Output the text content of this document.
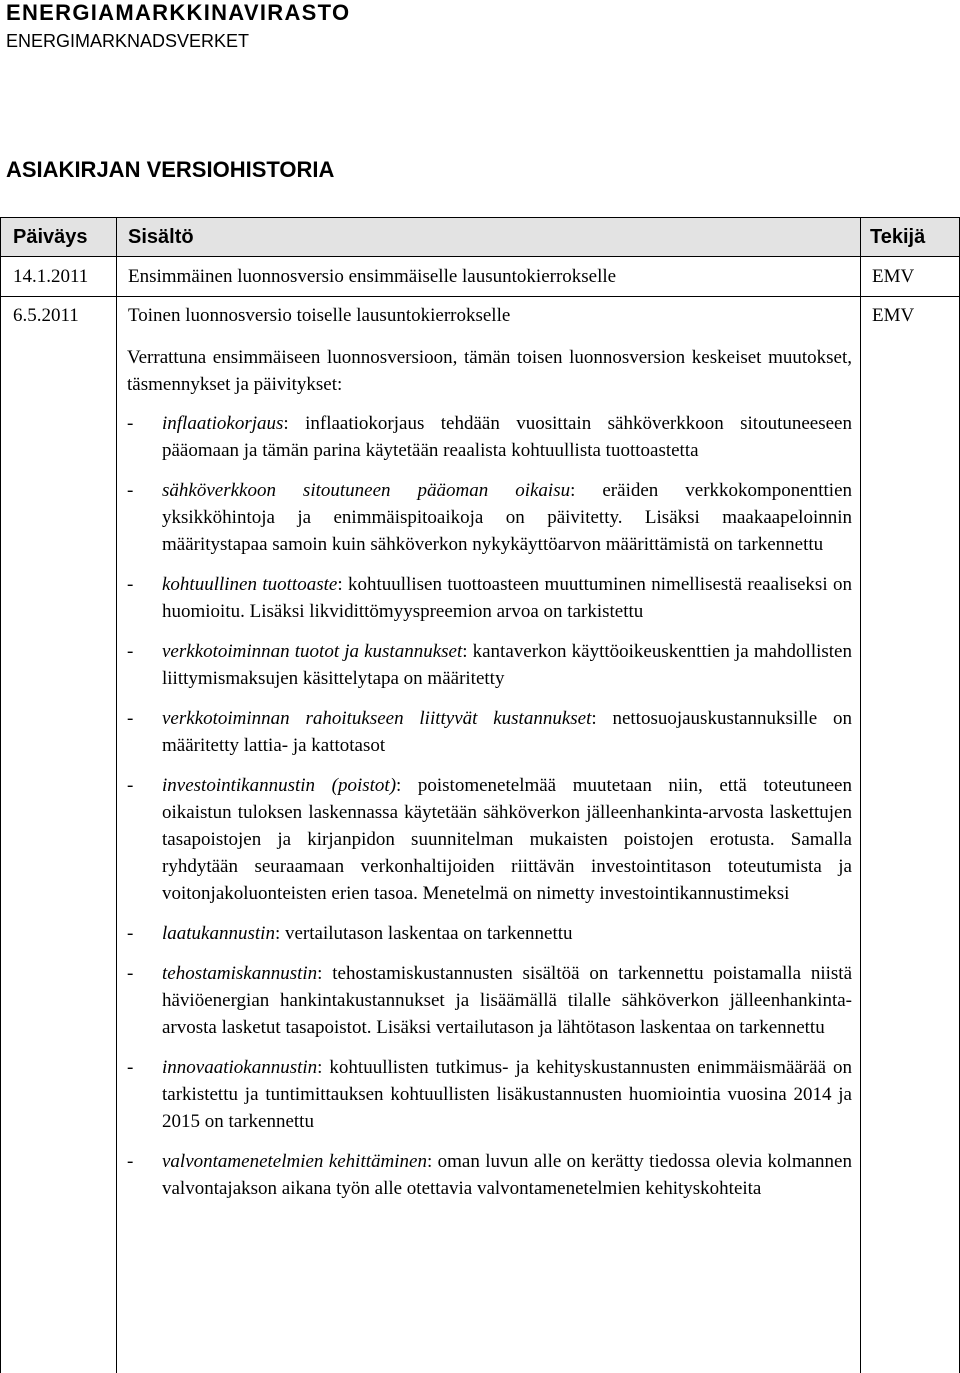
ENERGIAMARKKINAVIRASTO
ENERGIMARKNADSVERKET
ASIAKIRJAN VERSIOHISTORIA
Päiväys Sisältö	Tekijä
14.1.2011 Ensimmäinen luonnosversio ensimmäiselle lausuntokierrokselle	EMV
6.5.2011	Toinen luonnosversio toiselle lausuntokierrokselle	EMV

Verrattuna ensimmäiseen luonnosversioon, tämän toisen luonnosversion keskeiset muutokset, täsmennykset ja päivitykset:

-	inflaatiokorjaus: inflaatiokorjaus tehdään vuosittain sähköverkkoon sitoutuneeseen pääomaan ja tämän parina käytetään reaalista kohtuullista tuottoastetta
-	sähköverkkoon sitoutuneen pääoman oikaisu: eräiden verkkokomponenttien yksikköhintoja ja enimmäispitoaikoja on päivitetty. Lisäksi maakaapeloinnin määritystapaa samoin kuin sähköverkon nykykäyttöarvon määrittämistä on tarkennettu
-	kohtuullinen tuottoaste: kohtuullisen tuottoasteen muuttuminen nimellisestä reaaliseksi on huomioitu. Lisäksi likvidittömyyspreemion arvoa on tarkistettu
-	verkkotoiminnan tuotot ja kustannukset: kantaverkon käyttöoikeuskenttien ja mahdollisten liittymismaksujen käsittelytapa on määritetty
-	verkkotoiminnan rahoitukseen liittyvät kustannukset: nettosuojauskustannuksille on määritetty lattia- ja kattotasot
-	investointikannustin (poistot): poistomenetelmää muutetaan niin, että toteutuneen oikaistun tuloksen laskennassa käytetään sähköverkon jälleenhankinta-arvosta laskettujen tasapoistojen ja kirjanpidon suunnitelman mukaisten poistojen erotusta. Samalla ryhdytään seuraamaan verkonhaltijoiden riittävän investointitason toteutumista ja voitonjakoluonteisten erien tasoa. Menetelmä on nimetty investointikannustimeksi
-	laatukannustin: vertailutason laskentaa on tarkennettu
-	tehostamiskannustin: tehostamiskustannusten sisältöä on tarkennettu poistamalla niistä häviöenergian hankintakustannukset ja lisäämällä tilalle sähköverkon jälleenhankinta-arvosta lasketut tasapoistot. Lisäksi vertailutason ja lähtötason laskentaa on tarkennettu
-	innovaatiokannustin: kohtuullisten tutkimus- ja kehityskustannusten enimmäismäärää on tarkistettu ja tuntimittauksen kohtuullisten lisäkustannusten huomiointia vuosina 2014 ja 2015 on tarkennettu
-	valvontamenetelmien kehittäminen: oman luvun alle on kerätty tiedossa olevia kolmannen valvontajakson aikana työn alle otettavia valvontamenetelmien kehityskohteita
